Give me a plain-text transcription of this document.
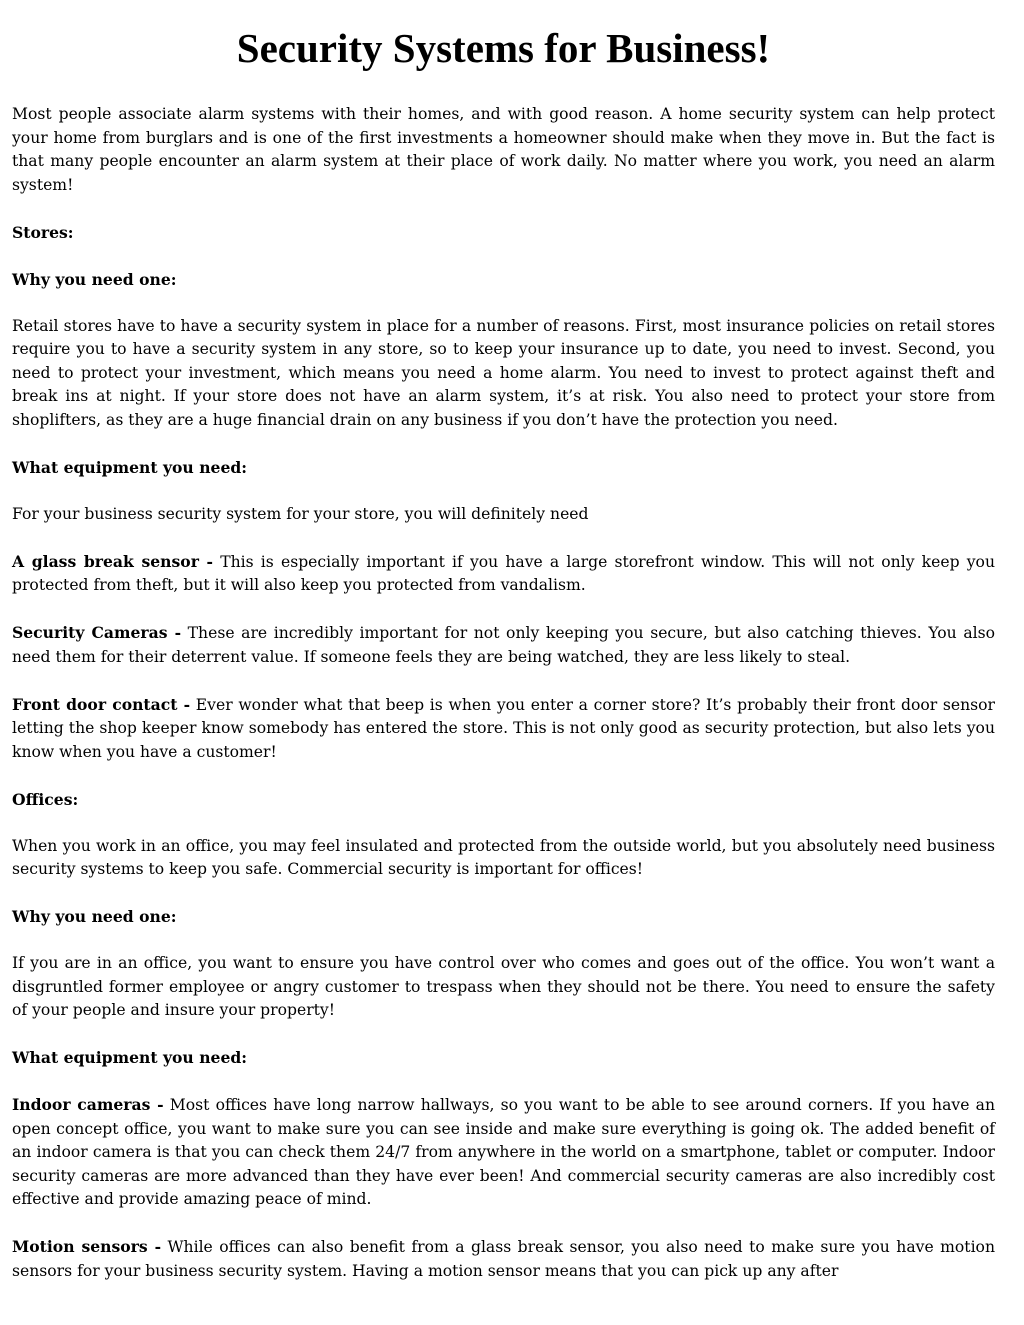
Security Systems for Business!

Most people associate alarm systems with their homes, and with good reason. A home security system can help protect your home from burglars and is one of the first investments a homeowner should make when they move in. But the fact is that many people encounter an alarm system at their place of work daily. No matter where you work, you need an alarm system!

Stores:

Why you need one:

Retail stores have to have a security system in place for a number of reasons. First, most insurance policies on retail stores require you to have a security system in any store, so to keep your insurance up to date, you need to invest. Second, you need to protect your investment, which means you need a home alarm. You need to invest to protect against theft and break ins at night. If your store does not have an alarm system, it’s at risk. You also need to protect your store from shoplifters, as they are a huge financial drain on any business if you don’t have the protection you need.

What equipment you need:

For your business security system for your store, you will definitely need

A glass break sensor - This is especially important if you have a large storefront window. This will not only keep you protected from theft, but it will also keep you protected from vandalism.

Security Cameras - These are incredibly important for not only keeping you secure, but also catching thieves. You also need them for their deterrent value. If someone feels they are being watched, they are less likely to steal.

Front door contact - Ever wonder what that beep is when you enter a corner store? It’s probably their front door sensor letting the shop keeper know somebody has entered the store. This is not only good as security protection, but also lets you know when you have a customer!

Offices:

When you work in an office, you may feel insulated and protected from the outside world, but you absolutely need business security systems to keep you safe. Commercial security is important for offices!

Why you need one:

If you are in an office, you want to ensure you have control over who comes and goes out of the office. You won’t want a disgruntled former employee or angry customer to trespass when they should not be there. You need to ensure the safety of your people and insure your property!

What equipment you need:

Indoor cameras - Most offices have long narrow hallways, so you want to be able to see around corners. If you have an open concept office, you want to make sure you can see inside and make sure everything is going ok. The added benefit of an indoor camera is that you can check them 24/7 from anywhere in the world on a smartphone, tablet or computer. Indoor security cameras are more advanced than they have ever been! And commercial security cameras are also incredibly cost effective and provide amazing peace of mind.

Motion sensors - While offices can also benefit from a glass break sensor, you also need to make sure you have motion sensors for your business security system. Having a motion sensor means that you can pick up any after
